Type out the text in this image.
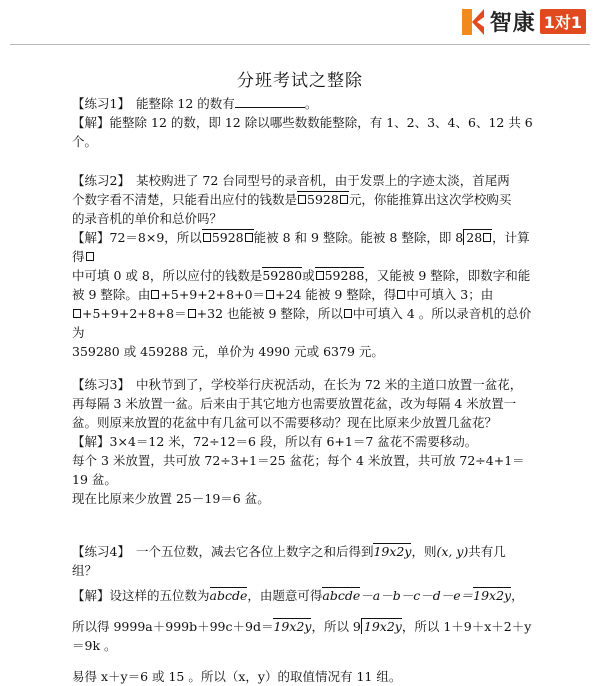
智康 1对1
分班考试之整除

【练习1】 能整除 12 的数有	。

【解】能整除 12 的数，即 12 除以哪些数数能整除，有 1、2、3、4、6、12 共 6 个。

【练习2】 某校购进了 72 台同型号的录音机，由于发票上的字迹太淡，首尾两

个数字看不清楚，只能看出应付的钱数是 5928 元，你能推算出这次学校购买

的录音机的单价和总价吗？

【解】72＝8×9，所以 5928 能被 8 和 9 整除。能被 8 整除，即 8 28 ，计算得

中可填 0 或 8，所以应付的钱数是59280或 59288，又能被 9 整除，即数字和能

被 9 整除。由 +5+9+2+8+0＝ +24 能被 9 整除，得 中可填入 3；由

+5+9+2+8+8＝ +32 也能被 9 整除，所以 中可填入 4 。所以录音机的总价为

359280 或 459288 元，单价为 4990 元或 6379 元。

【练习3】 中秋节到了，学校举行庆祝活动，在长为 72 米的主道口放置一盆花，

再每隔 3 米放置一盆。后来由于其它地方也需要放置花盆，改为每隔 4 米放置一

盆。则原来放置的花盆中有几盆可以不需要移动？现在比原来少放置几盆花？

【解】3×4＝12 米，72÷12＝6 段，所以有 6+1＝7 盆花不需要移动。

每个 3 米放置，共可放 72÷3+1＝25 盆花；每个 4 米放置，共可放 72÷4+1＝19 盆。

现在比原来少放置 25－19＝6 盆。

【练习4】 一个五位数，减去它各位上数字之和后得到19x2y，则(x, y)共有几

组？

【解】设这样的五位数为abcde，由题意可得abcde－a－b－c－d－e＝19x2y，

所以得 9999a＋999b＋99c＋9d＝19x2y，所以 9 19x2y，所以 1＋9＋x＋2＋y＝9k 。

易得 x＋y＝6 或 15 。所以（x，y）的取值情况有 11 组。
